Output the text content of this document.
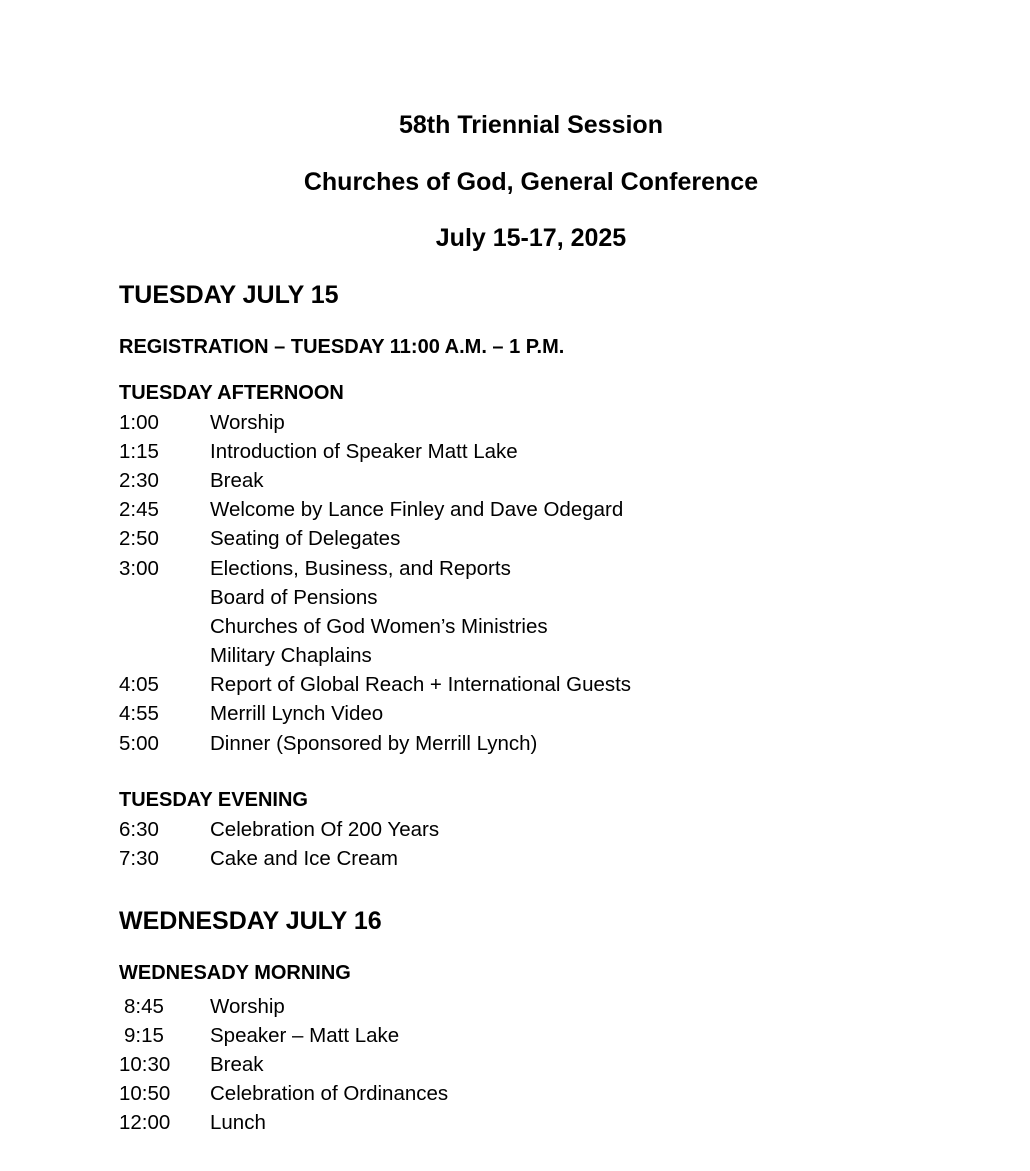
58th Triennial Session
Churches of God, General Conference
July 15-17, 2025
TUESDAY JULY 15
REGISTRATION – TUESDAY 11:00 A.M. – 1 P.M.
TUESDAY AFTERNOON
1:00	Worship
1:15	Introduction of Speaker Matt Lake
2:30	Break
2:45	Welcome by Lance Finley and Dave Odegard
2:50	Seating of Delegates
3:00	Elections, Business, and Reports
Board of Pensions
Churches of God Women’s Ministries
Military Chaplains
4:05	Report of Global Reach + International Guests
4:55	Merrill Lynch Video
5:00	Dinner (Sponsored by Merrill Lynch)
TUESDAY EVENING
6:30	Celebration Of 200 Years
7:30	Cake and Ice Cream
WEDNESDAY JULY 16
WEDNESADY MORNING
8:45	Worship
9:15	Speaker – Matt Lake
10:30	Break
10:50	Celebration of Ordinances
12:00	Lunch
